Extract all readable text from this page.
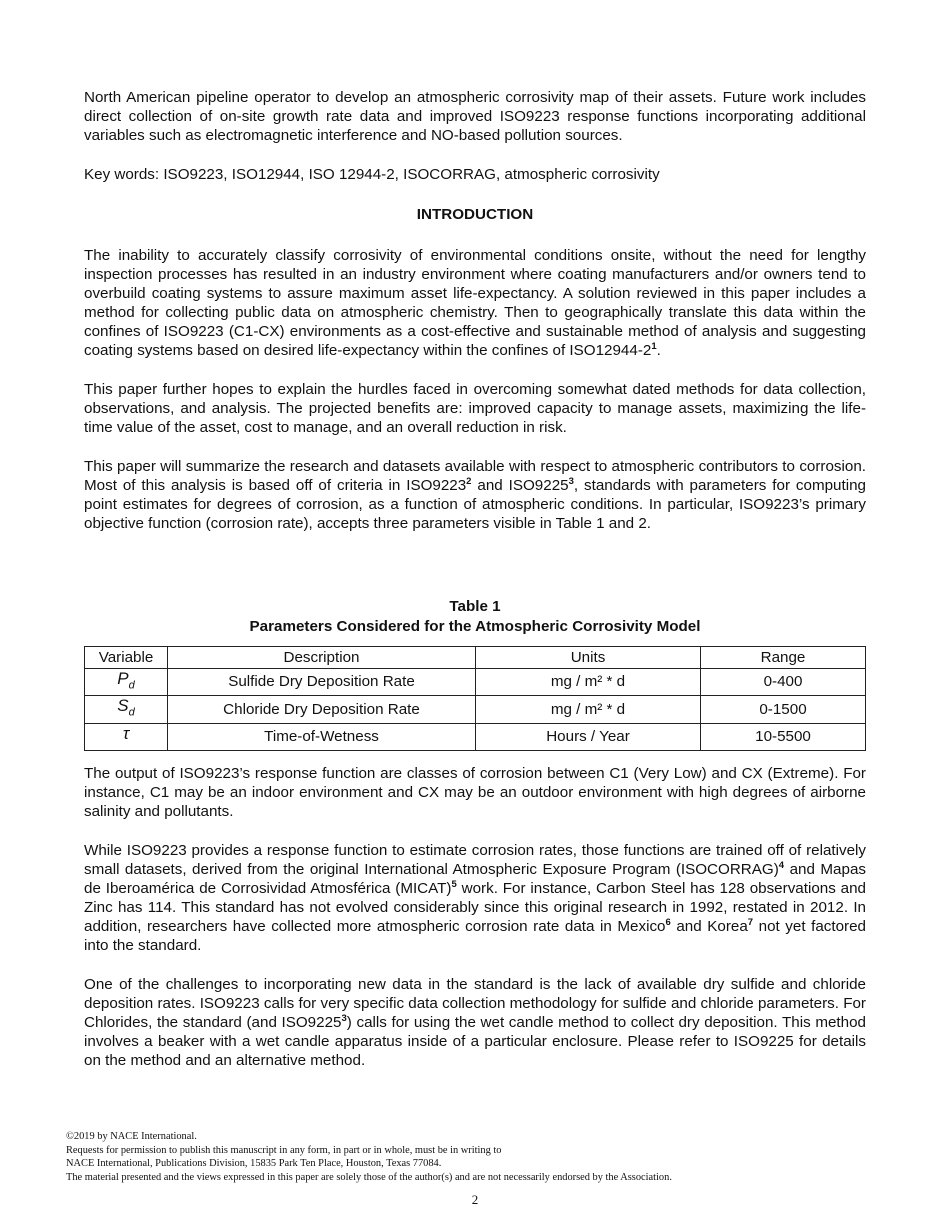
North American pipeline operator to develop an atmospheric corrosivity map of their assets. Future work includes direct collection of on-site growth rate data and improved ISO9223 response functions incorporating additional variables such as electromagnetic interference and NO-based pollution sources.

Key words: ISO9223, ISO12944, ISO 12944-2, ISOCORRAG, atmospheric corrosivity

INTRODUCTION

The inability to accurately classify corrosivity of environmental conditions onsite, without the need for lengthy inspection processes has resulted in an industry environment where coating manufacturers and/or owners tend to overbuild coating systems to assure maximum asset life-expectancy. A solution reviewed in this paper includes a method for collecting public data on atmospheric chemistry. Then to geographically translate this data within the confines of ISO9223 (C1-CX) environments as a cost-effective and sustainable method of analysis and suggesting coating systems based on desired life-expectancy within the confines of $ISO12944-2^1$.

This paper further hopes to explain the hurdles faced in overcoming somewhat dated methods for data collection, observations, and analysis. The projected benefits are: improved capacity to manage assets, maximizing the life-time value of the asset, cost to manage, and an overall reduction in risk.

This paper will summarize the research and datasets available with respect to atmospheric contributors to corrosion. Most of this analysis is based off of criteria in ISO9223$^2$ and ISO9225$^3$, standards with parameters for computing point estimates for degrees of corrosion, as a function of atmospheric conditions. In particular, ISO9223’s primary objective function (corrosion rate), accepts three parameters visible in Table 1 and 2.

Table 1
Parameters Considered for the Atmospheric Corrosivity Model
Variable	Description	Units	Range
$P_d$	Sulfide Dry Deposition Rate	mg / m² * d	0-400
$S_d$	Chloride Dry Deposition Rate	mg / m² * d	0-1500
τ	Time-of-Wetness	Hours / Year	10-5500

The output of ISO9223’s response function are classes of corrosion between C1 (Very Low) and CX (Extreme). For instance, C1 may be an indoor environment and CX may be an outdoor environment with high degrees of airborne salinity and pollutants.

While ISO9223 provides a response function to estimate corrosion rates, those functions are trained off of relatively small datasets, derived from the original International Atmospheric Exposure Program (ISOCORRAG)$^4$ and Mapas de Iberoamérica de Corrosividad Atmosférica (MICAT)$^5$ work. For instance, Carbon Steel has 128 observations and Zinc has 114. This standard has not evolved considerably since this original research in 1992, restated in 2012. In addition, researchers have collected more atmospheric corrosion rate data in Mexico$^6$ and Korea$^7$ not yet factored into the standard.

One of the challenges to incorporating new data in the standard is the lack of available dry sulfide and chloride deposition rates. ISO9223 calls for very specific data collection methodology for sulfide and chloride parameters. For Chlorides, the standard (and ISO9225$^3$) calls for using the wet candle method to collect dry deposition. This method involves a beaker with a wet candle apparatus inside of a particular enclosure. Please refer to ISO9225 for details on the method and an alternative method.

©2019 by NACE International.
Requests for permission to publish this manuscript in any form, in part or in whole, must be in writing to
NACE International, Publications Division, 15835 Park Ten Place, Houston, Texas 77084.
The material presented and the views expressed in this paper are solely those of the author(s) and are not necessarily endorsed by the Association.
2
